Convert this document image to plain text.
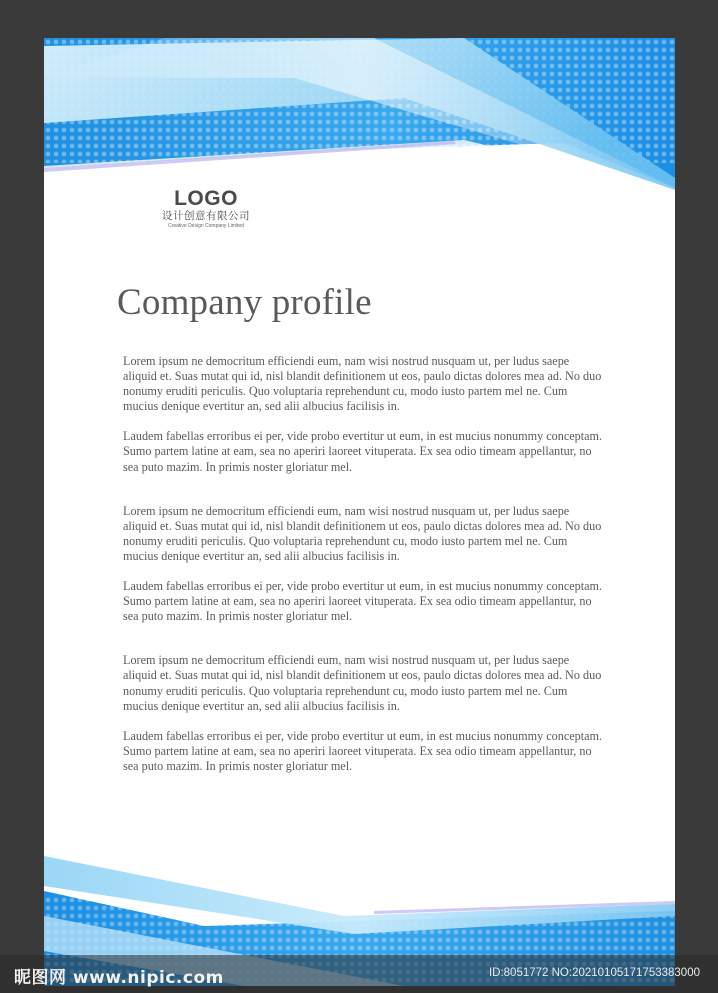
LOGO
设计创意有限公司
Creative Design Company Limited
Company profile

Lorem ipsum ne democritum efficiendi eum, nam wisi nostrud nusquam ut, per ludus saepe aliquid et. Suas mutat qui id, nisl blandit definitionem ut eos, paulo dictas dolores mea ad. No duo nonumy eruditi periculis. Quo voluptaria reprehendunt cu, modo iusto partem mel ne. Cum mucius denique evertitur an, sed alii albucius facilisis in.

Laudem fabellas erroribus ei per, vide probo evertitur ut eum, in est mucius nonummy conceptam. Sumo partem latine at eam, sea no aperiri laoreet vituperata. Ex sea odio timeam appellantur, no sea puto mazim. In primis noster gloriatur mel.

Lorem ipsum ne democritum efficiendi eum, nam wisi nostrud nusquam ut, per ludus saepe aliquid et. Suas mutat qui id, nisl blandit definitionem ut eos, paulo dictas dolores mea ad. No duo nonumy eruditi periculis. Quo voluptaria reprehendunt cu, modo iusto partem mel ne. Cum mucius denique evertitur an, sed alii albucius facilisis in.

Laudem fabellas erroribus ei per, vide probo evertitur ut eum, in est mucius nonummy conceptam. Sumo partem latine at eam, sea no aperiri laoreet vituperata. Ex sea odio timeam appellantur, no sea puto mazim. In primis noster gloriatur mel.

Lorem ipsum ne democritum efficiendi eum, nam wisi nostrud nusquam ut, per ludus saepe aliquid et. Suas mutat qui id, nisl blandit definitionem ut eos, paulo dictas dolores mea ad. No duo nonumy eruditi periculis. Quo voluptaria reprehendunt cu, modo iusto partem mel ne. Cum mucius denique evertitur an, sed alii albucius facilisis in.

Laudem fabellas erroribus ei per, vide probo evertitur ut eum, in est mucius nonummy conceptam. Sumo partem latine at eam, sea no aperiri laoreet vituperata. Ex sea odio timeam appellantur, no sea puto mazim. In primis noster gloriatur mel.

昵图网 www.nipic.com	ID:8051772 NO:20210105171753383000
